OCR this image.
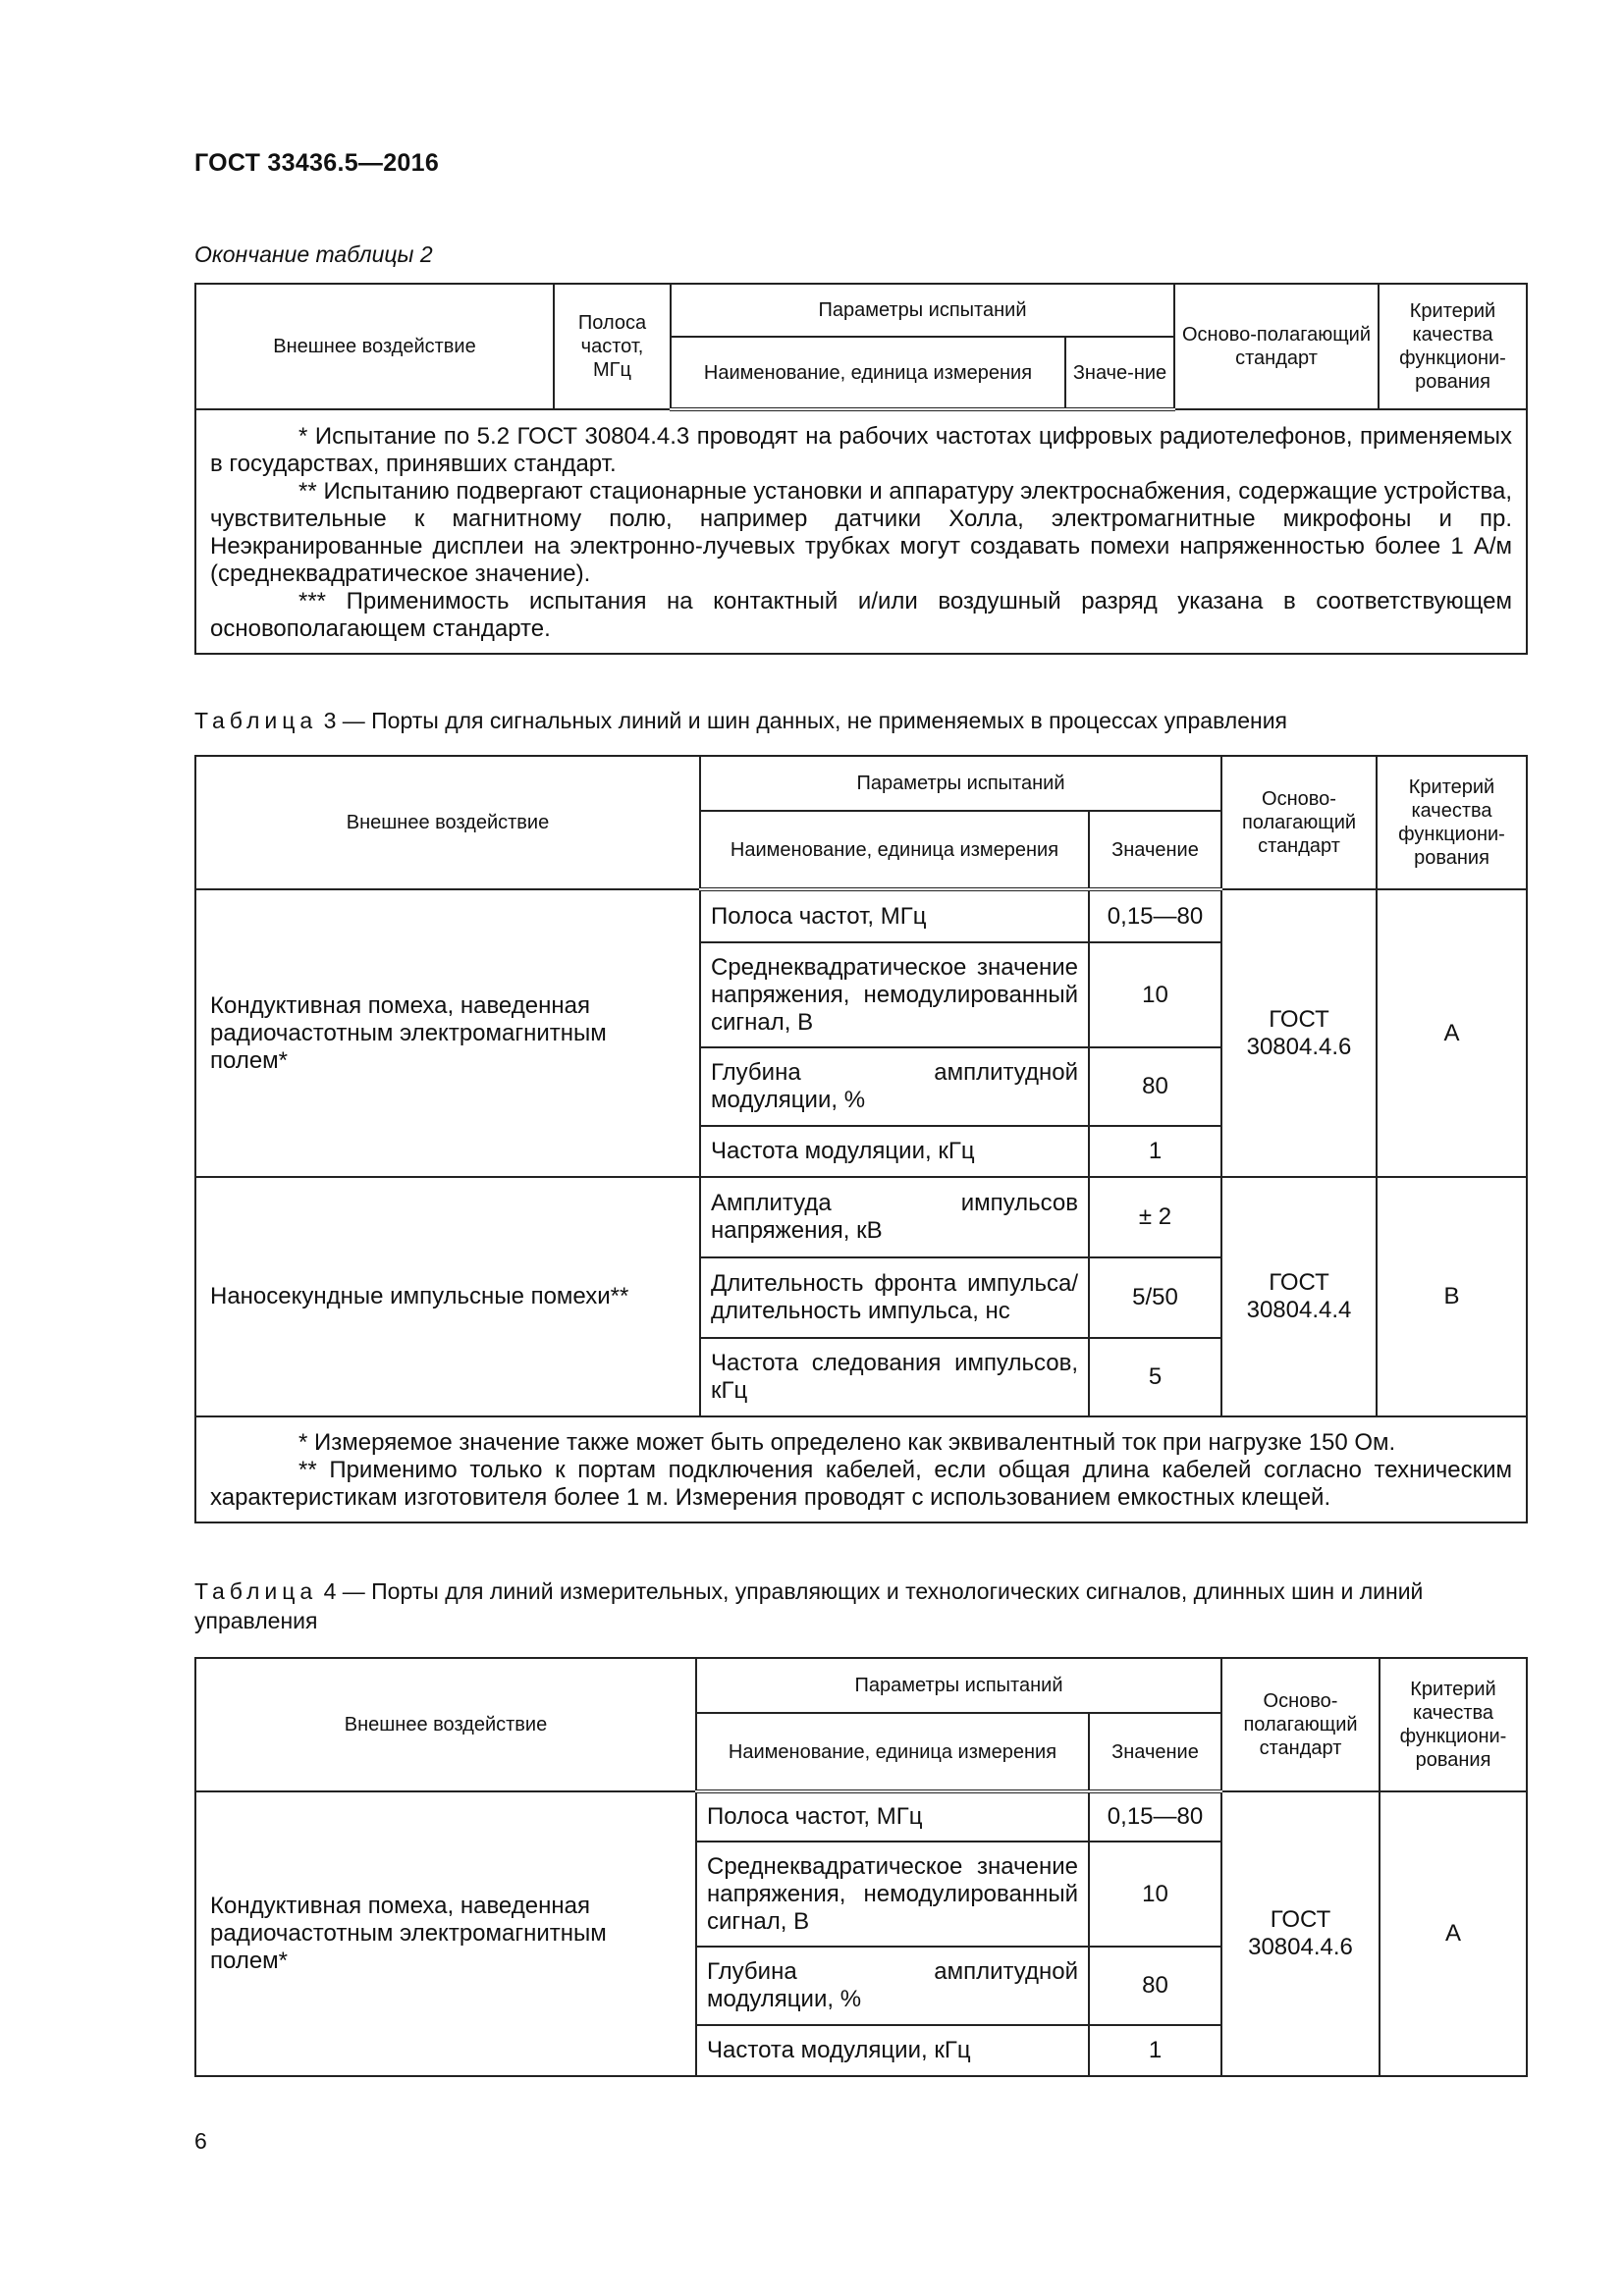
ГОСТ 33436.5—2016
Окончание таблицы 2
Внешнее воздействие	Полоса частот, МГц	Параметры испытаний		Осново-полагающий стандарт	Критерий качества функциони-рования
		Наименование, единица измерения	Значе-ние		

* Испытание по 5.2 ГОСТ 30804.4.3 проводят на рабочих частотах цифровых радиотелефонов, применяемых в государствах, принявших стандарт.

** Испытанию подвергают стационарные установки и аппаратуру электроснабжения, содержащие устройства, чувствительные к магнитному полю, например датчики Холла, электромагнитные микрофоны и пр. Неэкранированные дисплеи на электронно-лучевых трубках могут создавать помехи напряженностью более 1 А/м (среднеквадратическое значение).

*** Применимость испытания на контактный и/или воздушный разряд указана в соответствующем основополагающем стандарте.					

Таблица 3 — Порты для сигнальных линий и шин данных, не применяемых в процессах управления
Внешнее воздействие	Параметры испытаний		Осново-полагающий стандарт	Критерий качества функциони-рования
	Наименование, единица измерения	Значение		
Кондуктивная помеха, наведенная радиочастотным электромагнитным полем*	Полоса частот, МГц	0,15—80	ГОСТ 30804.4.6	А
	Среднеквадратическое значение напряжения, немодулированный сигнал, В	10		
	Глубина амплитудной модуляции, %	80		
	Частота модуляции, кГц	1		
Наносекундные импульсные помехи**	Амплитуда импульсов напряжения, кВ	± 2	ГОСТ 30804.4.4	В
	Длительность фронта импульса/длительность импульса, нс	5/50		
	Частота следования импульсов, кГц	5		

* Измеряемое значение также может быть определено как эквивалентный ток при нагрузке 150 Ом.

** Применимо только к портам подключения кабелей, если общая длина кабелей согласно техническим характеристикам изготовителя более 1 м. Измерения проводят с использованием емкостных клещей.				

Таблица 4 — Порты для линий измерительных, управляющих и технологических сигналов, длинных шин и линий управления
Внешнее воздействие	Параметры испытаний		Осново-полагающий стандарт	Критерий качества функциони-рования
	Наименование, единица измерения	Значение		
Кондуктивная помеха, наведенная радиочастотным электромагнитным полем*	Полоса частот, МГц	0,15—80	ГОСТ 30804.4.6	А
	Среднеквадратическое значение напряжения, немодулированный сигнал, В	10		
	Глубина амплитудной модуляции, %	80		
	Частота модуляции, кГц	1		
6
